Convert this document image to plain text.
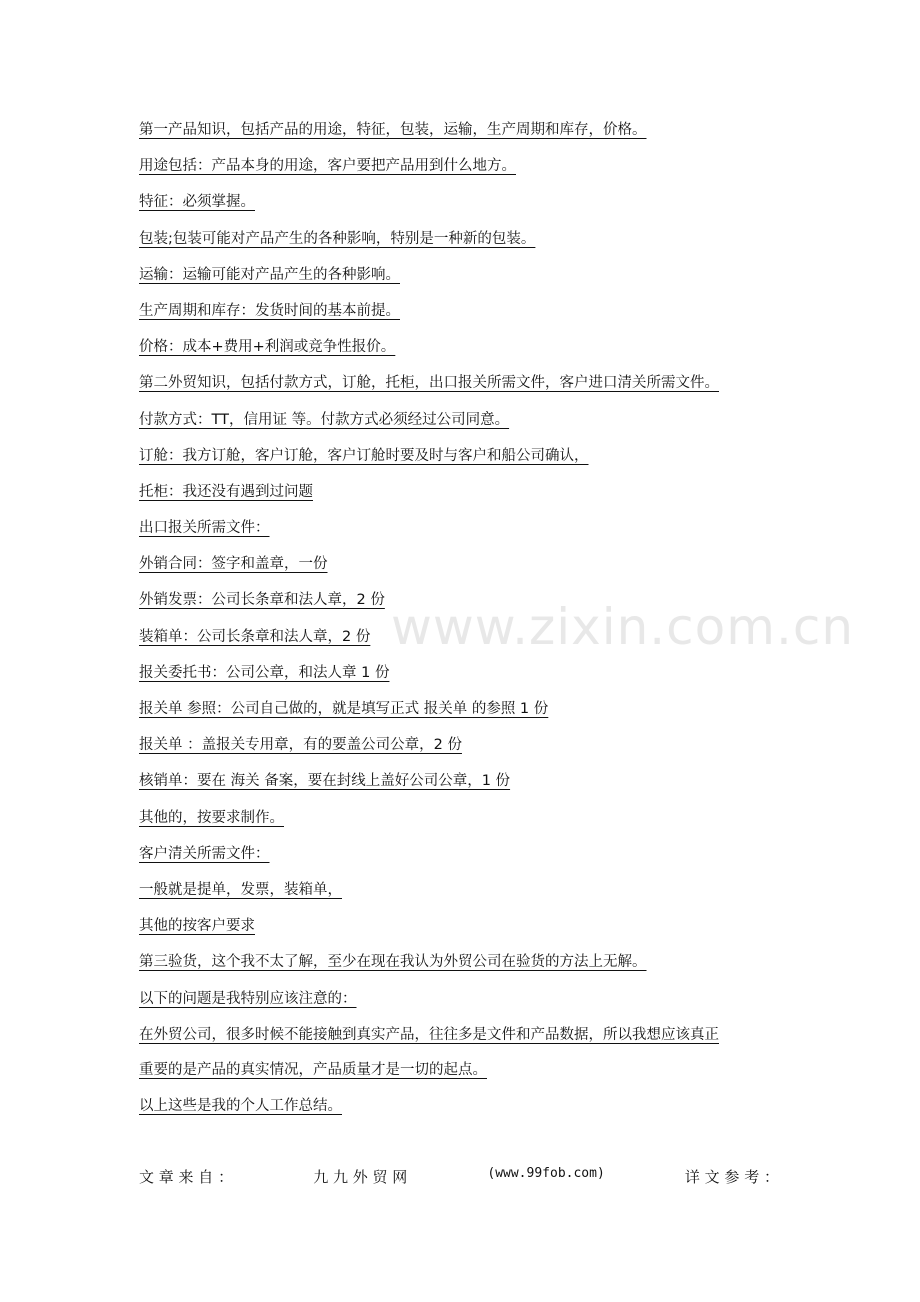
www.zixin.com.cn
第一产品知识，包括产品的用途，特征，包装，运输，生产周期和库存，价格。
用途包括：产品本身的用途，客户要把产品用到什么地方。
特征：必须掌握。
包装;包装可能对产品产生的各种影响，特别是一种新的包装。
运输：运输可能对产品产生的各种影响。
生产周期和库存：发货时间的基本前提。
价格：成本+费用+利润或竞争性报价。
第二外贸知识，包括付款方式，订舱，托柜，出口报关所需文件，客户进口清关所需文件。
付款方式：TT，信用证 等。付款方式必须经过公司同意。
订舱：我方订舱，客户订舱，客户订舱时要及时与客户和船公司确认，
托柜：我还没有遇到过问题
出口报关所需文件：
外销合同：签字和盖章，一份
外销发票：公司长条章和法人章，2 份
装箱单：公司长条章和法人章，2 份
报关委托书：公司公章，和法人章 1 份
报关单 参照：公司自己做的，就是填写正式 报关单 的参照 1 份
报关单 ：盖报关专用章，有的要盖公司公章，2 份
核销单：要在 海关 备案，要在封线上盖好公司公章，1 份
其他的，按要求制作。
客户清关所需文件：
一般就是提单，发票，装箱单，
其他的按客户要求
第三验货，这个我不太了解，至少在现在我认为外贸公司在验货的方法上无解。
以下的问题是我特别应该注意的：
在外贸公司，很多时候不能接触到真实产品，往往多是文件和产品数据，所以我想应该真正
重要的是产品的真实情况，产品质量才是一切的起点。
以上这些是我的个人工作总结。
文 章 来 自 ：	九 九 外 贸 网	(www.99fob.com)	详 文 参 考 ：
